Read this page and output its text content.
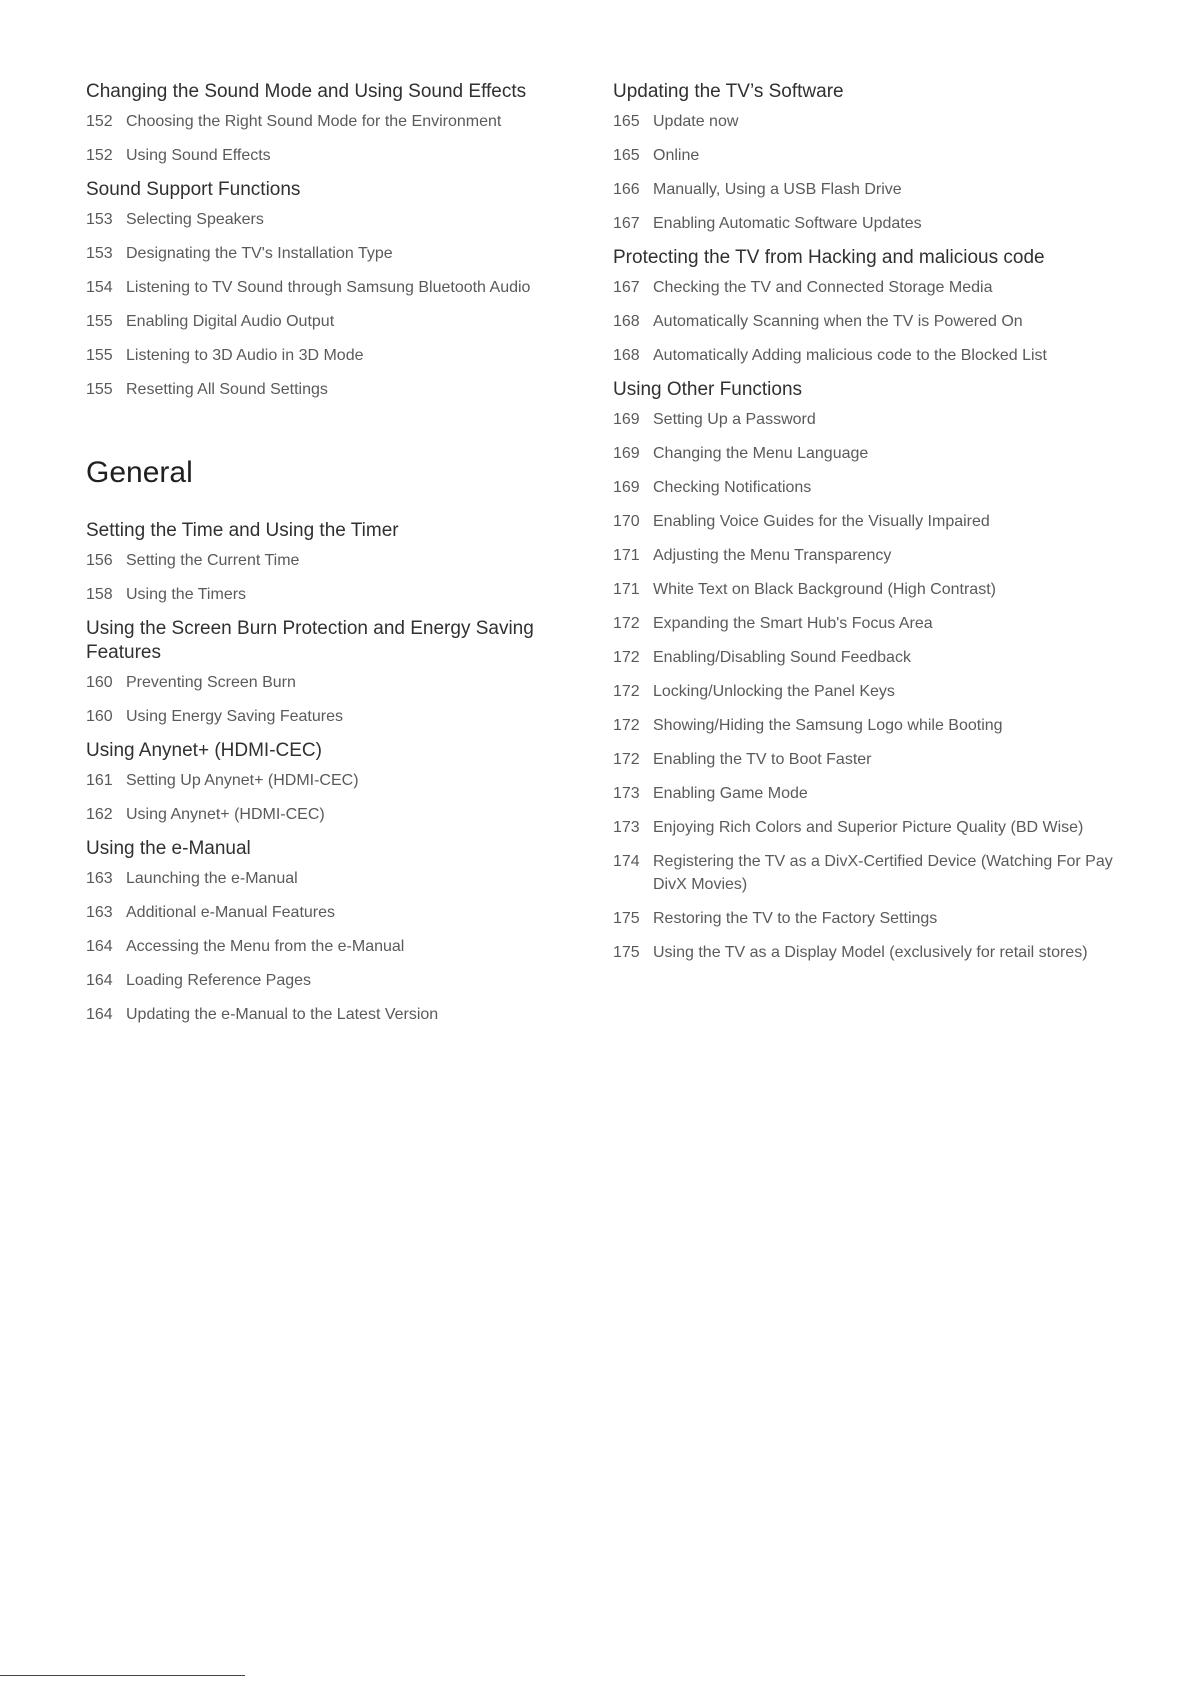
Changing the Sound Mode and Using Sound Effects
152 Choosing the Right Sound Mode for the Environment
152 Using Sound Effects
Sound Support Functions
153 Selecting Speakers
153 Designating the TV's Installation Type
154 Listening to TV Sound through Samsung Bluetooth Audio
155 Enabling Digital Audio Output
155 Listening to 3D Audio in 3D Mode
155 Resetting All Sound Settings
General
Setting the Time and Using the Timer
156 Setting the Current Time
158 Using the Timers
Using the Screen Burn Protection and Energy Saving Features
160 Preventing Screen Burn
160 Using Energy Saving Features
Using Anynet+ (HDMI-CEC)
161 Setting Up Anynet+ (HDMI-CEC)
162 Using Anynet+ (HDMI-CEC)
Using the e-Manual
163 Launching the e-Manual
163 Additional e-Manual Features
164 Accessing the Menu from the e-Manual
164 Loading Reference Pages
164 Updating the e-Manual to the Latest Version
Updating the TV’s Software
165 Update now
165 Online
166 Manually, Using a USB Flash Drive
167 Enabling Automatic Software Updates
Protecting the TV from Hacking and malicious code
167 Checking the TV and Connected Storage Media
168 Automatically Scanning when the TV is Powered On
168 Automatically Adding malicious code to the Blocked List
Using Other Functions
169 Setting Up a Password
169 Changing the Menu Language
169 Checking Notifications
170 Enabling Voice Guides for the Visually Impaired
171 Adjusting the Menu Transparency
171 White Text on Black Background (High Contrast)
172 Expanding the Smart Hub's Focus Area
172 Enabling/Disabling Sound Feedback
172 Locking/Unlocking the Panel Keys
172 Showing/Hiding the Samsung Logo while Booting
172 Enabling the TV to Boot Faster
173 Enabling Game Mode
173 Enjoying Rich Colors and Superior Picture Quality (BD Wise)
174 Registering the TV as a DivX-Certified Device (Watching For Pay DivX Movies)
175 Restoring the TV to the Factory Settings
175 Using the TV as a Display Model (exclusively for retail stores)
